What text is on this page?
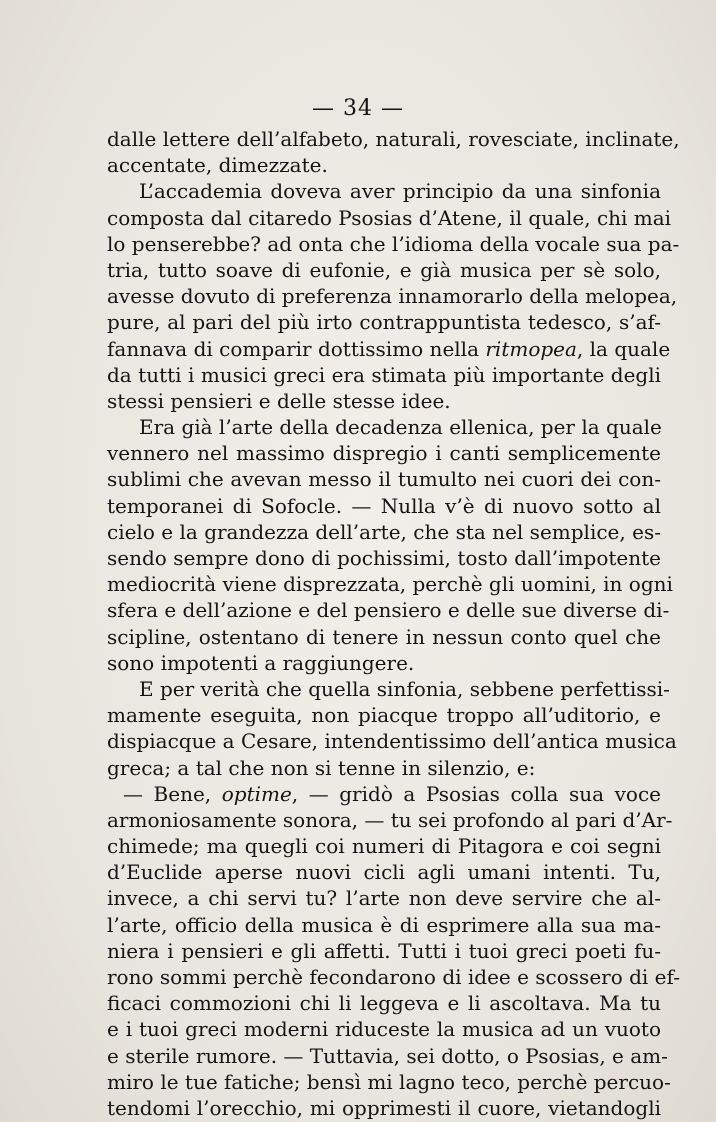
— 34 —
dalle lettere dell’alfabeto, naturali, rovesciate, inclinate,
accentate, dimezzate.
L’accademia doveva aver principio da una sinfonia
composta dal citaredo Psosias d’Atene, il quale, chi mai
lo penserebbe? ad onta che l’idioma della vocale sua pa-
tria, tutto soave di eufonie, e già musica per sè solo,
avesse dovuto di preferenza innamorarlo della melopea,
pure, al pari del più irto contrappuntista tedesco, s’af-
fannava di comparir dottissimo nella ritmopea, la quale
da tutti i musici greci era stimata più importante degli
stessi pensieri e delle stesse idee.
Era già l’arte della decadenza ellenica, per la quale
vennero nel massimo dispregio i canti semplicemente
sublimi che avevan messo il tumulto nei cuori dei con-
temporanei di Sofocle. — Nulla v’è di nuovo sotto al
cielo e la grandezza dell’arte, che sta nel semplice, es-
sendo sempre dono di pochissimi, tosto dall’impotente
mediocrità viene disprezzata, perchè gli uomini, in ogni
sfera e dell’azione e del pensiero e delle sue diverse di-
scipline, ostentano di tenere in nessun conto quel che
sono impotenti a raggiungere.
E per verità che quella sinfonia, sebbene perfettissi-
mamente eseguita, non piacque troppo all’uditorio, e
dispiacque a Cesare, intendentissimo dell’antica musica
greca; a tal che non si tenne in silenzio, e:
— Bene, optime, — gridò a Psosias colla sua voce
armoniosamente sonora, — tu sei profondo al pari d’Ar-
chimede; ma quegli coi numeri di Pitagora e coi segni
d’Euclide aperse nuovi cicli agli umani intenti. Tu,
invece, a chi servi tu? l’arte non deve servire che al-
l’arte, officio della musica è di esprimere alla sua ma-
niera i pensieri e gli affetti. Tutti i tuoi greci poeti fu-
rono sommi perchè fecondarono di idee e scossero di ef-
ficaci commozioni chi li leggeva e li ascoltava. Ma tu
e i tuoi greci moderni riduceste la musica ad un vuoto
e sterile rumore. — Tuttavia, sei dotto, o Psosias, e am-
miro le tue fatiche; bensì mi lagno teco, perchè percuo-
tendomi l’orecchio, mi opprimesti il cuore, vietandogli
